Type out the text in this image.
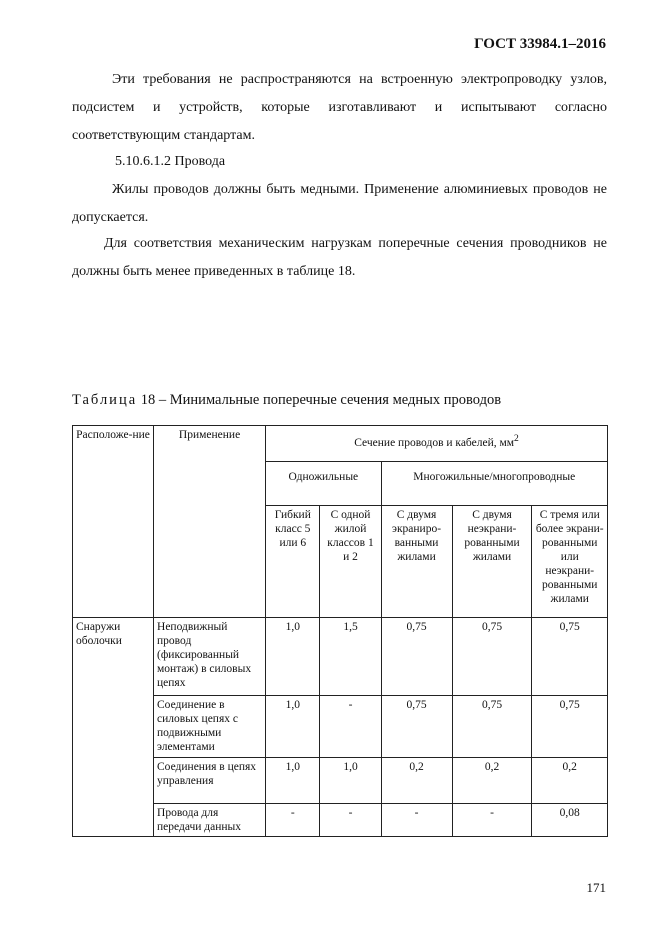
ГОСТ 33984.1–2016
Эти требования не распространяются на встроенную электропроводку узлов, подсистем и устройств, которые изготавливают и испытывают согласно соответствующим стандартам.
5.10.6.1.2 Провода
Жилы проводов должны быть медными. Применение алюминиевых проводов не допускается.
Для соответствия механическим нагрузкам поперечные сечения проводников не должны быть менее приведенных в таблице 18.
Таблица 18 – Минимальные поперечные сечения медных проводов
Расположе-ние	Применение	Сечение проводов и кабелей, $мм^2$
		Одножильные		Многожильные/многопроводные		
		Гибкий класс 5 или 6	С одной жилой классов 1 и 2	С двумя экраниро-ванными жилами	С двумя неэкрани-рованными жилами	С тремя или более экрани-рованными или неэкрани-рованными жилами
Снаружи оболочки	Неподвижный провод (фиксированный монтаж) в силовых цепях	1,0	1,5	0,75	0,75	0,75
	Соединение в силовых цепях с подвижными элементами	1,0	-	0,75	0,75	0,75
	Соединения в цепях управления	1,0	1,0	0,2	0,2	0,2
	Провода для передачи данных	-	-	-	-	0,08
171
